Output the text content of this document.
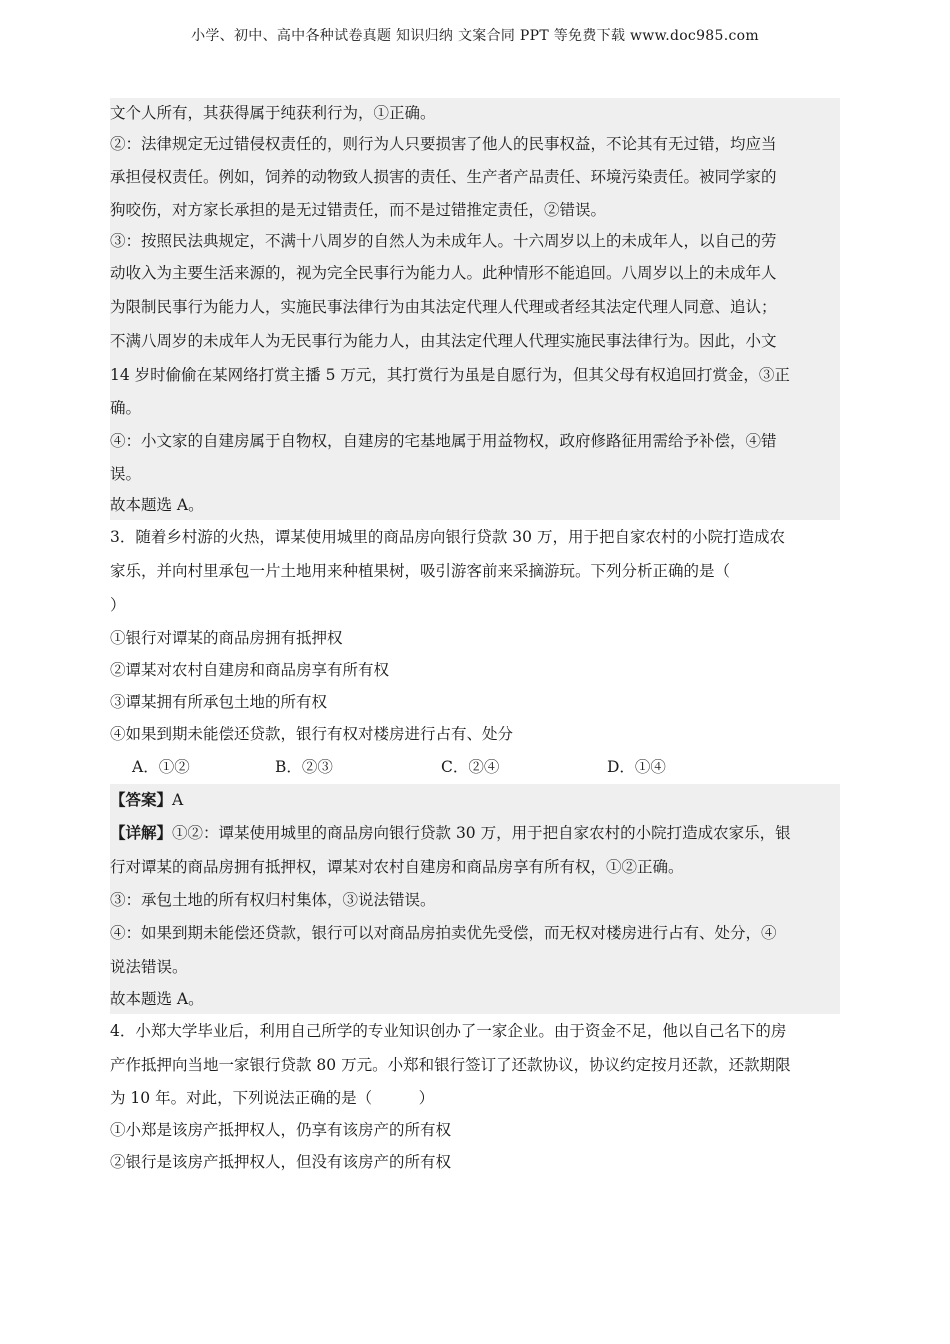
小学、初中、高中各种试卷真题 知识归纳 文案合同 PPT 等免费下载 www.doc985.com
文个人所有，其获得属于纯获利行为，①正确。
②：法律规定无过错侵权责任的，则行为人只要损害了他人的民事权益，不论其有无过错，均应当
承担侵权责任。例如，饲养的动物致人损害的责任、生产者产品责任、环境污染责任。被同学家的
狗咬伤，对方家长承担的是无过错责任，而不是过错推定责任，②错误。
③：按照民法典规定，不满十八周岁的自然人为未成年人。十六周岁以上的未成年人，以自己的劳
动收入为主要生活来源的，视为完全民事行为能力人。此种情形不能追回。八周岁以上的未成年人
为限制民事行为能力人，实施民事法律行为由其法定代理人代理或者经其法定代理人同意、追认；
不满八周岁的未成年人为无民事行为能力人，由其法定代理人代理实施民事法律行为。因此，小文
14 岁时偷偷在某网络打赏主播 5 万元，其打赏行为虽是自愿行为，但其父母有权追回打赏金，③正
确。
④：小文家的自建房属于自物权，自建房的宅基地属于用益物权，政府修路征用需给予补偿，④错
误。
故本题选 A。
3．随着乡村游的火热，谭某使用城里的商品房向银行贷款 30 万，用于把自家农村的小院打造成农
家乐，并向村里承包一片土地用来种植果树，吸引游客前来采摘游玩。下列分析正确的是（
）
①银行对谭某的商品房拥有抵押权
②谭某对农村自建房和商品房享有所有权
③谭某拥有所承包土地的所有权
④如果到期未能偿还贷款，银行有权对楼房进行占有、处分
A．①②	B．②③	C．②④	D．①④
【答案】A
【详解】①②：谭某使用城里的商品房向银行贷款 30 万，用于把自家农村的小院打造成农家乐，银
行对谭某的商品房拥有抵押权，谭某对农村自建房和商品房享有所有权，①②正确。
③：承包土地的所有权归村集体，③说法错误。
④：如果到期未能偿还贷款，银行可以对商品房拍卖优先受偿，而无权对楼房进行占有、处分，④
说法错误。
故本题选 A。
4．小郑大学毕业后，利用自己所学的专业知识创办了一家企业。由于资金不足，他以自己名下的房
产作抵押向当地一家银行贷款 80 万元。小郑和银行签订了还款协议，协议约定按月还款，还款期限
为 10 年。对此，下列说法正确的是（　　　）
①小郑是该房产抵押权人，仍享有该房产的所有权
②银行是该房产抵押权人，但没有该房产的所有权
